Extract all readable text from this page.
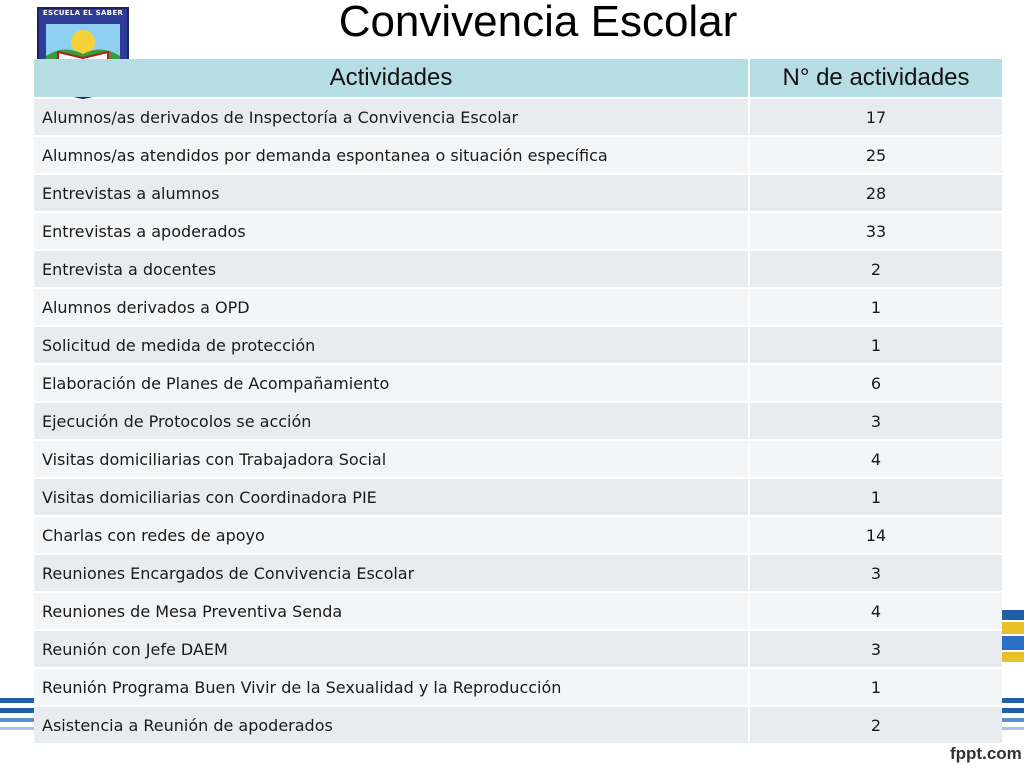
Convivencia Escolar
ESCUELA EL SABER
Actividades	N° de actividades
Alumnos/as derivados de Inspectoría a Convivencia Escolar	17
Alumnos/as atendidos por demanda espontanea o situación específica	25
Entrevistas a alumnos	28
Entrevistas a apoderados	33
Entrevista a docentes	2
Alumnos derivados a OPD	1
Solicitud de medida de protección	1
Elaboración de Planes de Acompañamiento	6
Ejecución de Protocolos se acción	3
Visitas domiciliarias con Trabajadora Social	4
Visitas domiciliarias con Coordinadora PIE	1
Charlas con redes de apoyo	14
Reuniones Encargados de Convivencia Escolar	3
Reuniones de Mesa Preventiva Senda	4
Reunión con Jefe DAEM	3
Reunión Programa Buen Vivir de la Sexualidad y la Reproducción	1
Asistencia a Reunión de apoderados	2
fppt.com
